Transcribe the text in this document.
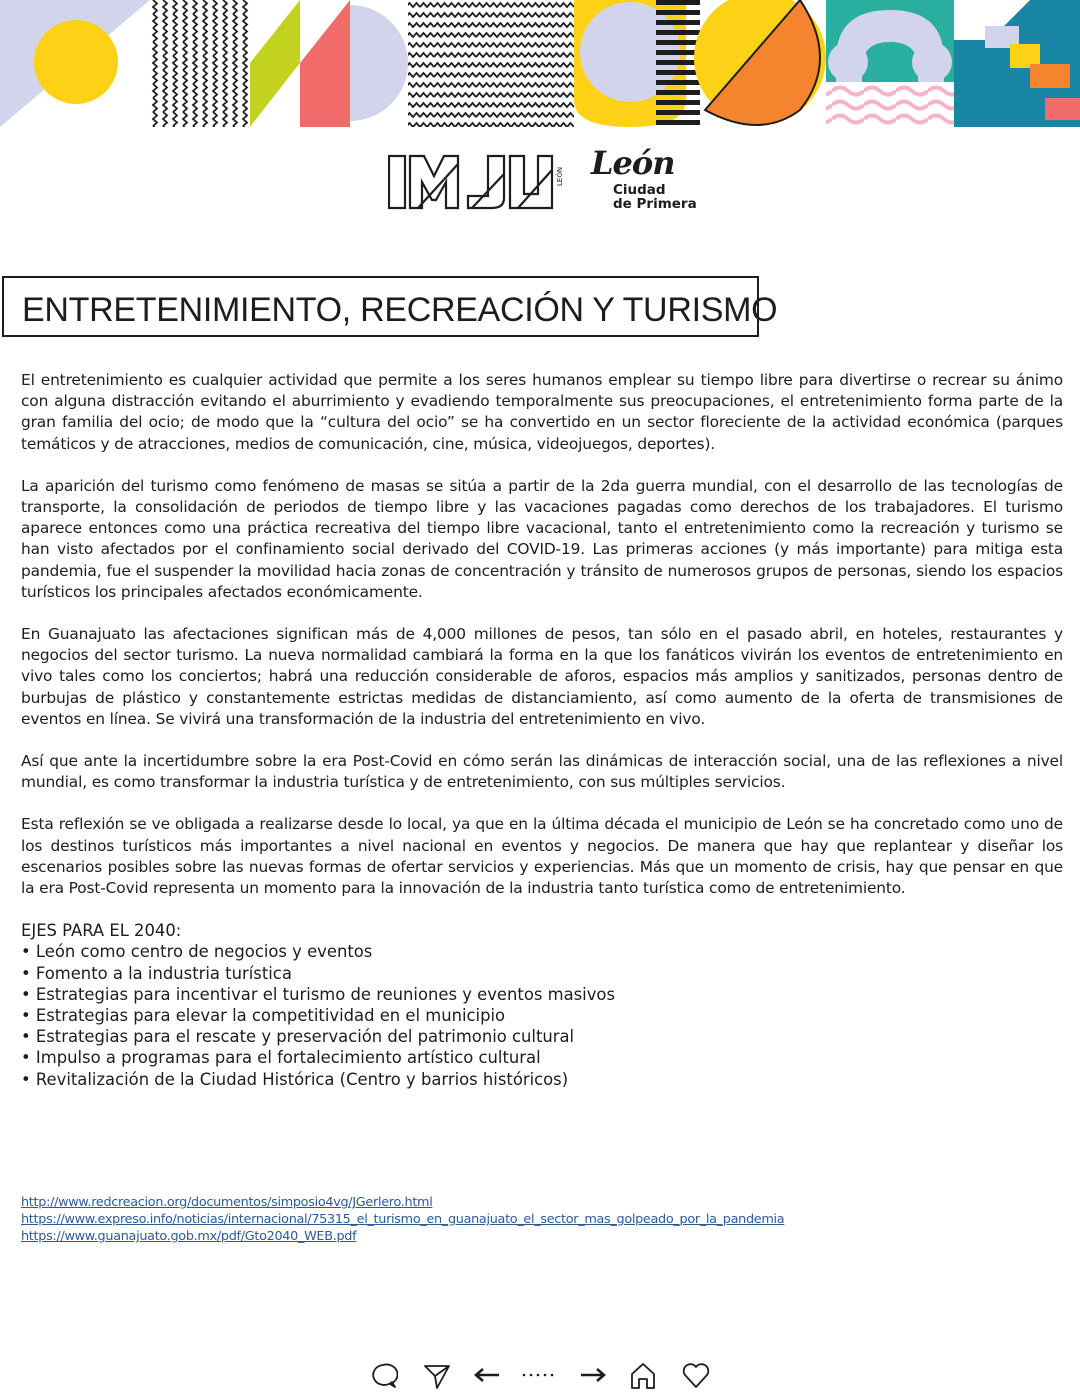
LEÓN León
Ciudad
de Primera
ENTRETENIMIENTO, RECREACIÓN Y TURISMO

El entretenimiento es cualquier actividad que permite a los seres humanos emplear su tiempo libre para divertirse o recrear su ánimo con alguna distracción evitando el aburrimiento y evadiendo temporalmente sus preocupaciones, el entretenimiento forma parte de la gran familia del ocio; de modo que la “cultura del ocio” se ha convertido en un sector floreciente de la actividad económica (parques temáticos y de atracciones, medios de comunicación, cine, música, videojuegos, deportes).

La aparición del turismo como fenómeno de masas se sitúa a partir de la 2da guerra mundial, con el desarrollo de las tecnologías de transporte, la consolidación de periodos de tiempo libre y las vacaciones pagadas como derechos de los trabajadores. El turismo aparece entonces como una práctica recreativa del tiempo libre vacacional, tanto el entretenimiento como la recreación y turismo se han visto afectados por el confinamiento social derivado del COVID-19. Las primeras acciones (y más importante) para mitiga esta pandemia, fue el suspender la movilidad hacia zonas de concentración y tránsito de numerosos grupos de personas, siendo los espacios turísticos los principales afectados económicamente.

En Guanajuato las afectaciones significan más de 4,000 millones de pesos, tan sólo en el pasado abril, en hoteles, restaurantes y negocios del sector turismo. La nueva normalidad cambiará la forma en la que los fanáticos vivirán los eventos de entretenimiento en vivo tales como los conciertos; habrá una reducción considerable de aforos, espacios más amplios y sanitizados, personas dentro de burbujas de plástico y constantemente estrictas medidas de distanciamiento, así como aumento de la oferta de transmisiones de eventos en línea. Se vivirá una transformación de la industria del entretenimiento en vivo.

Así que ante la incertidumbre sobre la era Post-Covid en cómo serán las dinámicas de interacción social, una de las reflexiones a nivel mundial, es como transformar la industria turística y de entretenimiento, con sus múltiples servicios.

Esta reflexión se ve obligada a realizarse desde lo local, ya que en la última década el municipio de León se ha concretado como uno de los destinos turísticos más importantes a nivel nacional en eventos y negocios. De manera que hay que replantear y diseñar los escenarios posibles sobre las nuevas formas de ofertar servicios y experiencias. Más que un momento de crisis, hay que pensar en que la era Post-Covid representa un momento para la innovación de la industria tanto turística como de entretenimiento.

EJES PARA EL 2040:
• León como centro de negocios y eventos
• Fomento a la industria turística
• Estrategias para incentivar el turismo de reuniones y eventos masivos
• Estrategias para elevar la competitividad en el municipio
• Estrategias para el rescate y preservación del patrimonio cultural
• Impulso a programas para el fortalecimiento artístico cultural
• Revitalización de la Ciudad Histórica (Centro y barrios históricos)
http://www.redcreacion.org/documentos/simposio4vg/JGerlero.html
https://www.expreso.info/noticias/internacional/75315_el_turismo_en_guanajuato_el_sector_mas_golpeado_por_la_pandemia
https://www.guanajuato.gob.mx/pdf/Gto2040_WEB.pdf
